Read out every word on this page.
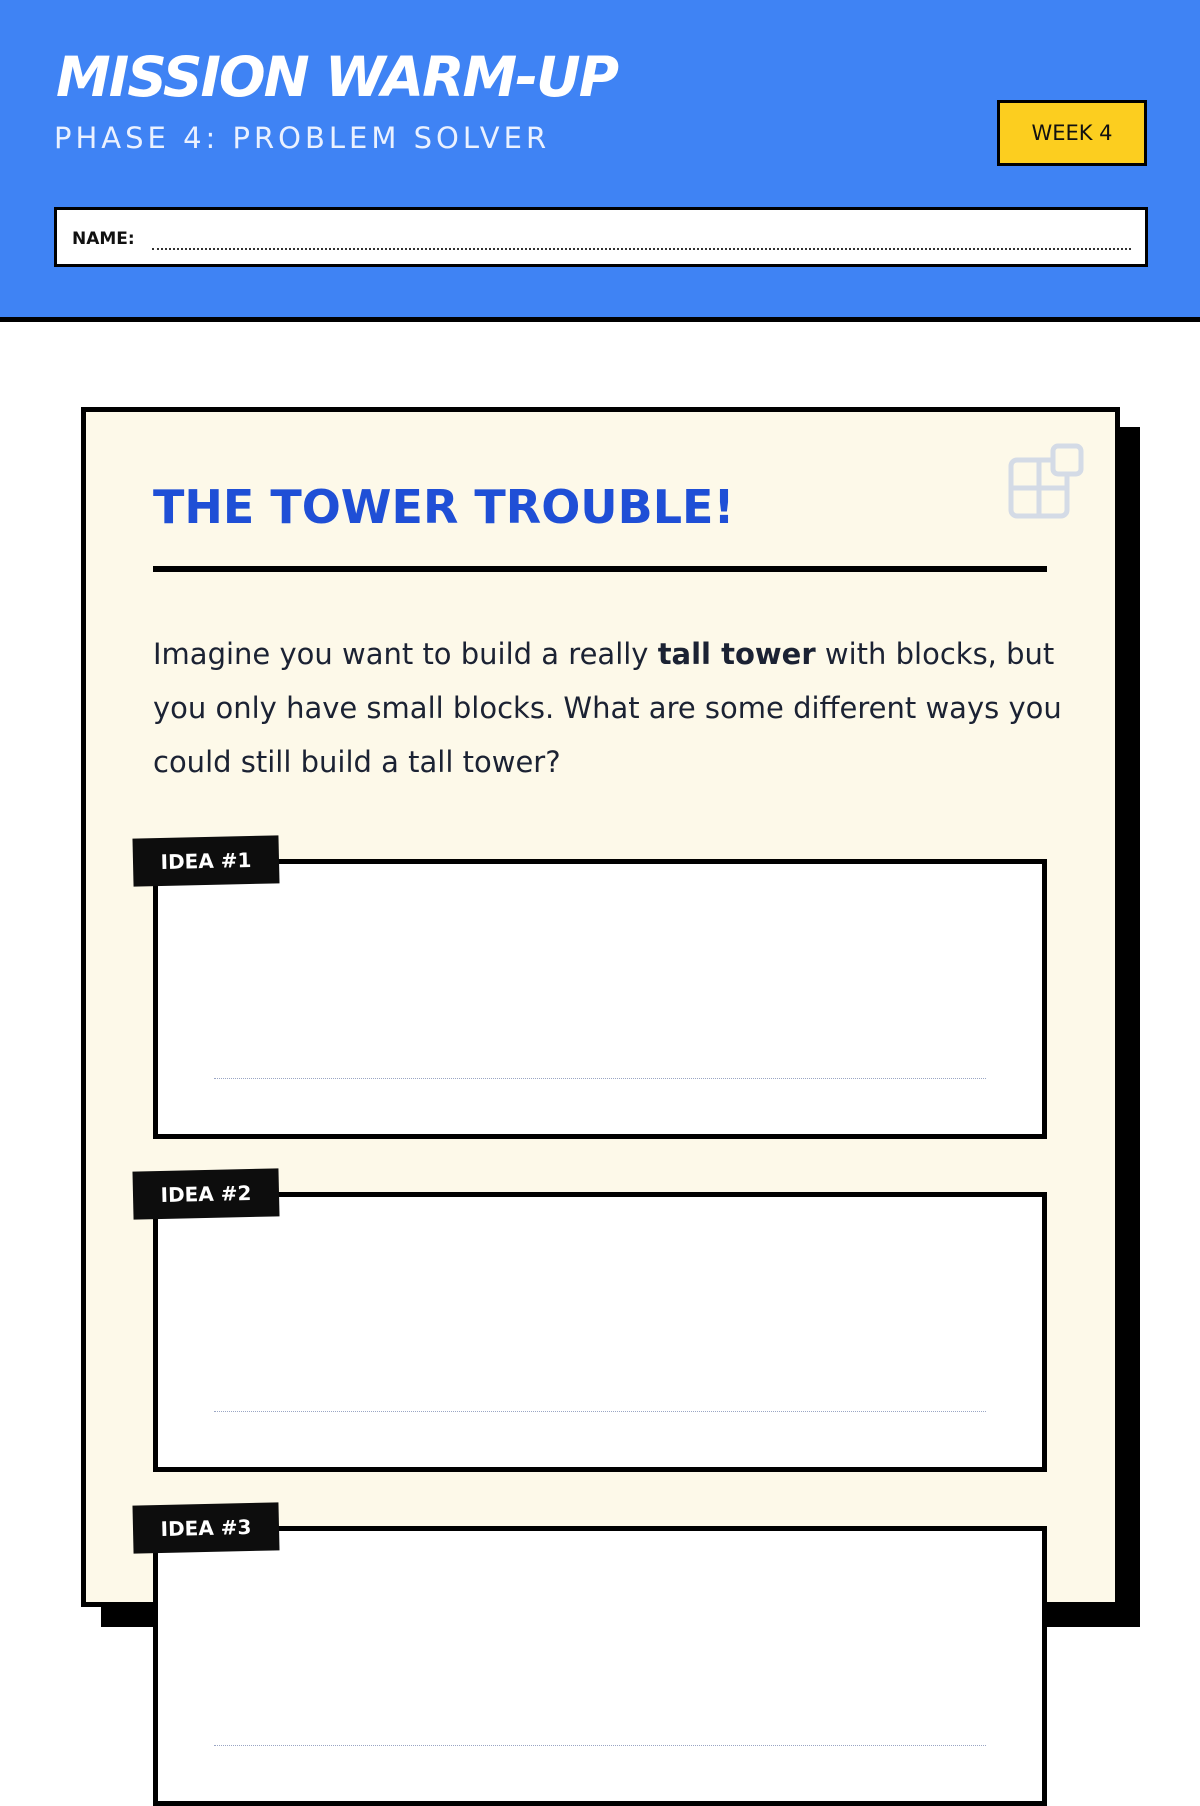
MISSION WARM-UP
PHASE 4: PROBLEM SOLVER	WEEK 4
NAME:
THE TOWER TROUBLE!
Imagine you want to build a really tall tower with blocks, but you only have small blocks. What are some different ways you could still build a tall tower?
IDEA #1
IDEA #2
IDEA #3
